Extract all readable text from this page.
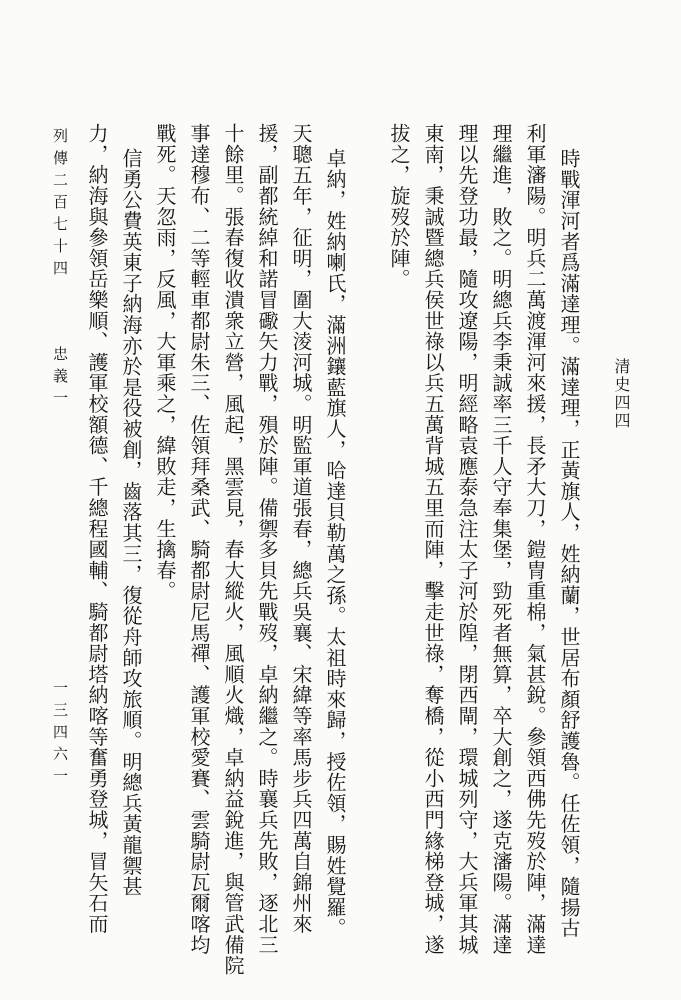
清史四四
時戰渾河者爲滿達理。滿達理，正黃旗人，姓納蘭，世居布顏舒護魯。任佐領，隨揚古
利軍瀋陽。明兵二萬渡渾河來援，長矛大刀，鎧冑重棉，氣甚銳。參領西佛先歿於陣，滿達
理繼進，敗之。明總兵李秉誠率三千人守奉集堡，勁死者無算，卒大創之，遂克瀋陽。滿達
理以先登功最，隨攻遼陽，明經略袁應泰急注太子河於隍，閉西閘，環城列守，大兵軍其城
東南，秉誠暨總兵侯世祿以兵五萬背城五里而陣，擊走世祿，奪橋，從小西門緣梯登城，遂
拔之，旋歿於陣。
卓納，姓納喇氏，滿洲鑲藍旗人，哈達貝勒萬之孫。太祖時來歸，授佐領，賜姓覺羅。
天聰五年，征明，圍大淩河城。明監軍道張春，總兵吳襄、宋緯等率馬步兵四萬自錦州來
援，副都統綽和諾冒礮矢力戰，殞於陣。備禦多貝先戰歿，卓納繼之。時襄兵先敗，逐北三
十餘里。張春復收潰衆立營，風起，黑雲見，春大縱火，風順火熾，卓納益銳進，與管武備院
事達穆布、二等輕車都尉朱三、佐領拜桑武、騎都尉尼馬禪、護軍校愛賽、雲騎尉瓦爾喀均
戰死。天忽雨，反風，大軍乘之，緯敗走，生擒春。
信勇公費英東子納海亦於是役被創，齒落其三，復從舟師攻旅順。明總兵黃龍禦甚
力，納海與參領岳樂順、護軍校額德、千總程國輔、騎都尉塔納喀等奮勇登城，冒矢石而
列傳二百七十四
忠義一
一三四六一
